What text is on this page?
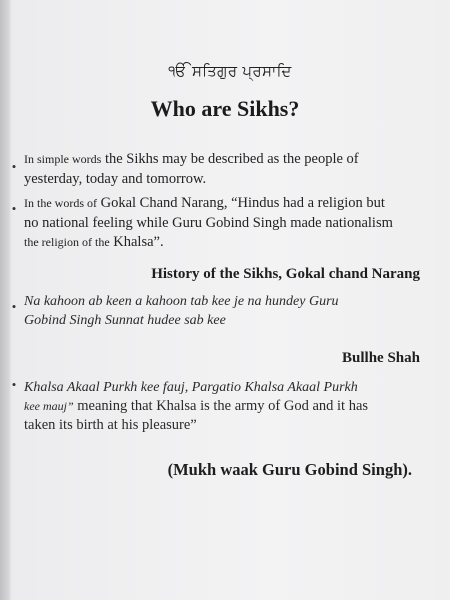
ੴ ਸਤਿਗੁਰ ਪ੍ਰਸਾਦਿ
Who are Sikhs?
• In simple words the Sikhs may be described as the people of
yesterday, today and tomorrow.
• In the words of Gokal Chand Narang, “Hindus had a religion but
no national feeling while Guru Gobind Singh made nationalism
the religion of the Khalsa”.
History of the Sikhs, Gokal chand Narang
• Na kahoon ab keen a kahoon tab kee je na hundey Guru
Gobind Singh Sunnat hudee sab kee
Bullhe Shah
• Khalsa Akaal Purkh kee fauj, Pargatio Khalsa Akaal Purkh
kee mauj” meaning that Khalsa is the army of God and it has
taken its birth at his pleasure”
(Mukh waak Guru Gobind Singh).
